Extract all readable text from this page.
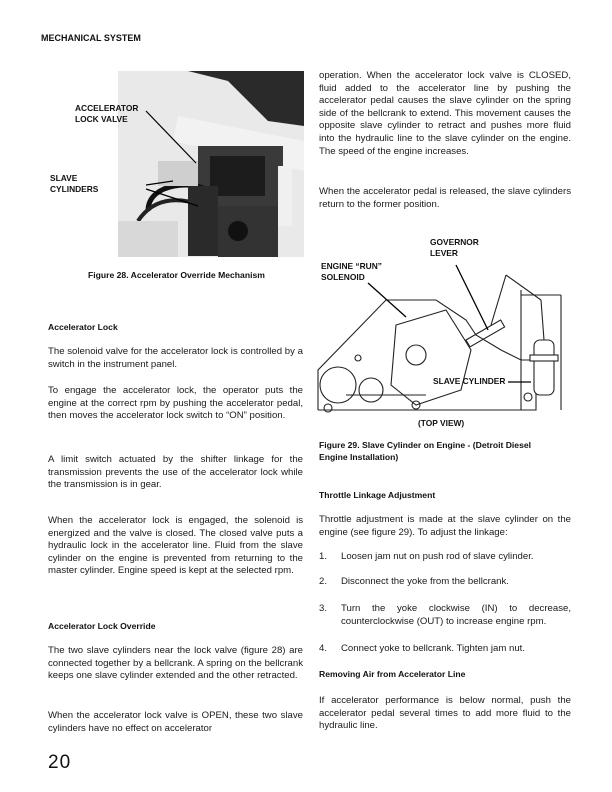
MECHANICAL SYSTEM
ACCELERATOR
LOCK VALVE
SLAVE
CYLINDERS
Figure 28. Accelerator Override Mechanism
Accelerator Lock
The solenoid valve for the accelerator lock is controlled by a switch in the instrument panel.
To engage the accelerator lock, the operator puts the engine at the correct rpm by pushing the accelerator pedal, then moves the accelerator lock switch to “ON” position.
A limit switch actuated by the shifter linkage for the transmission prevents the use of the accelerator lock while the transmission is in gear.
When the accelerator lock is engaged, the solenoid is energized and the valve is closed. The closed valve puts a hydraulic lock in the accelerator line. Fluid from the slave cylinder on the engine is prevented from returning to the master cylinder. Engine speed is kept at the selected rpm.
Accelerator Lock Override
The two slave cylinders near the lock valve (figure 28) are connected together by a bellcrank. A spring on the bellcrank keeps one slave cylinder extended and the other retracted.
When the accelerator lock valve is OPEN, these two slave cylinders have no effect on accelerator
operation. When the accelerator lock valve is CLOSED, fluid added to the accelerator line by pushing the accelerator pedal causes the slave cylinder on the spring side of the bellcrank to extend. This movement causes the opposite slave cylinder to retract and pushes more fluid into the hydraulic line to the slave cylinder on the engine. The speed of the engine increases.
When the accelerator pedal is released, the slave cylinders return to the former position.
GOVERNOR
LEVER
ENGINE “RUN”
SOLENOID
SLAVE CYLINDER
(TOP VIEW)
Figure 29. Slave Cylinder on Engine - (Detroit Diesel
Engine Installation)
Throttle Linkage Adjustment
Throttle adjustment is made at the slave cylinder on the engine (see figure 29). To adjust the linkage:
1. Loosen jam nut on push rod of slave cylinder.
2. Disconnect the yoke from the bellcrank.
3. Turn the yoke clockwise (IN) to decrease, counterclockwise (OUT) to increase engine rpm.
4. Connect yoke to bellcrank. Tighten jam nut.
Removing Air from Accelerator Line
If accelerator performance is below normal, push the accelerator pedal several times to add more fluid to the hydraulic line.
20
